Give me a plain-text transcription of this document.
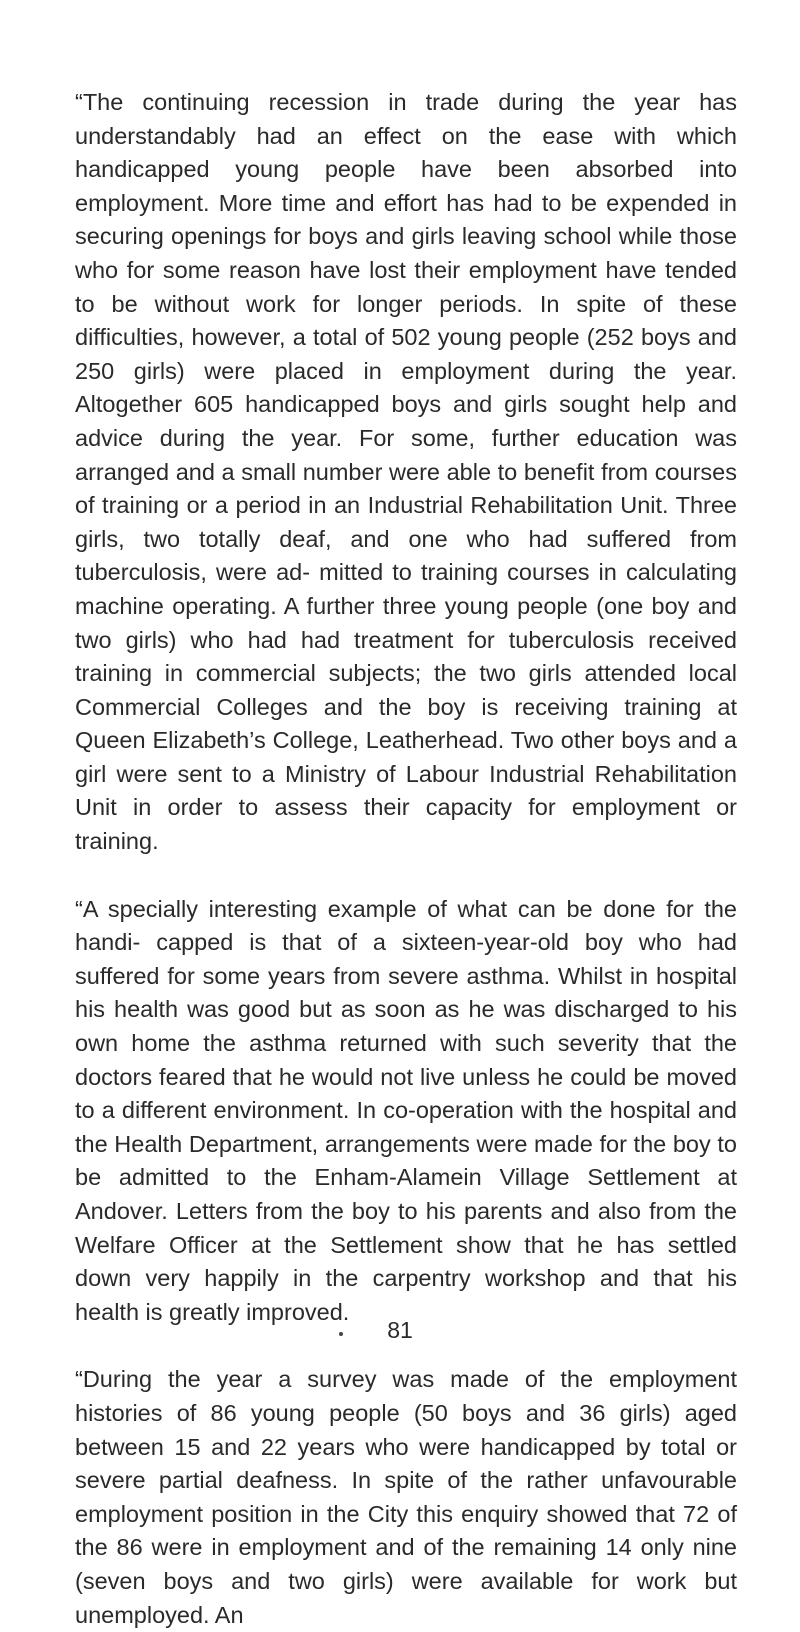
“The continuing recession in trade during the year has understandably had an effect on the ease with which handicapped young people have been absorbed into employment. More time and effort has had to be expended in securing openings for boys and girls leaving school while those who for some reason have lost their employment have tended to be without work for longer periods. In spite of these difficulties, however, a total of 502 young people (252 boys and 250 girls) were placed in employment during the year. Altogether 605 handicapped boys and girls sought help and advice during the year. For some, further education was arranged and a small number were able to benefit from courses of training or a period in an Industrial Rehabilitation Unit. Three girls, two totally deaf, and one who had suffered from tuberculosis, were ad- mitted to training courses in calculating machine operating. A further three young people (one boy and two girls) who had had treatment for tuberculosis received training in commercial subjects; the two girls attended local Commercial Colleges and the boy is receiving training at Queen Elizabeth’s College, Leatherhead. Two other boys and a girl were sent to a Ministry of Labour Industrial Rehabilitation Unit in order to assess their capacity for employment or training.

“A specially interesting example of what can be done for the handi- capped is that of a sixteen-year-old boy who had suffered for some years from severe asthma. Whilst in hospital his health was good but as soon as he was discharged to his own home the asthma returned with such severity that the doctors feared that he would not live unless he could be moved to a different environment. In co-operation with the hospital and the Health Department, arrangements were made for the boy to be admitted to the Enham-Alamein Village Settlement at Andover. Letters from the boy to his parents and also from the Welfare Officer at the Settlement show that he has settled down very happily in the carpentry workshop and that his health is greatly improved.

“During the year a survey was made of the employment histories of 86 young people (50 boys and 36 girls) aged between 15 and 22 years who were handicapped by total or severe partial deafness. In spite of the rather unfavourable employment position in the City this enquiry showed that 72 of the 86 were in employment and of the remaining 14 only nine (seven boys and two girls) were available for work but unemployed. An

81
